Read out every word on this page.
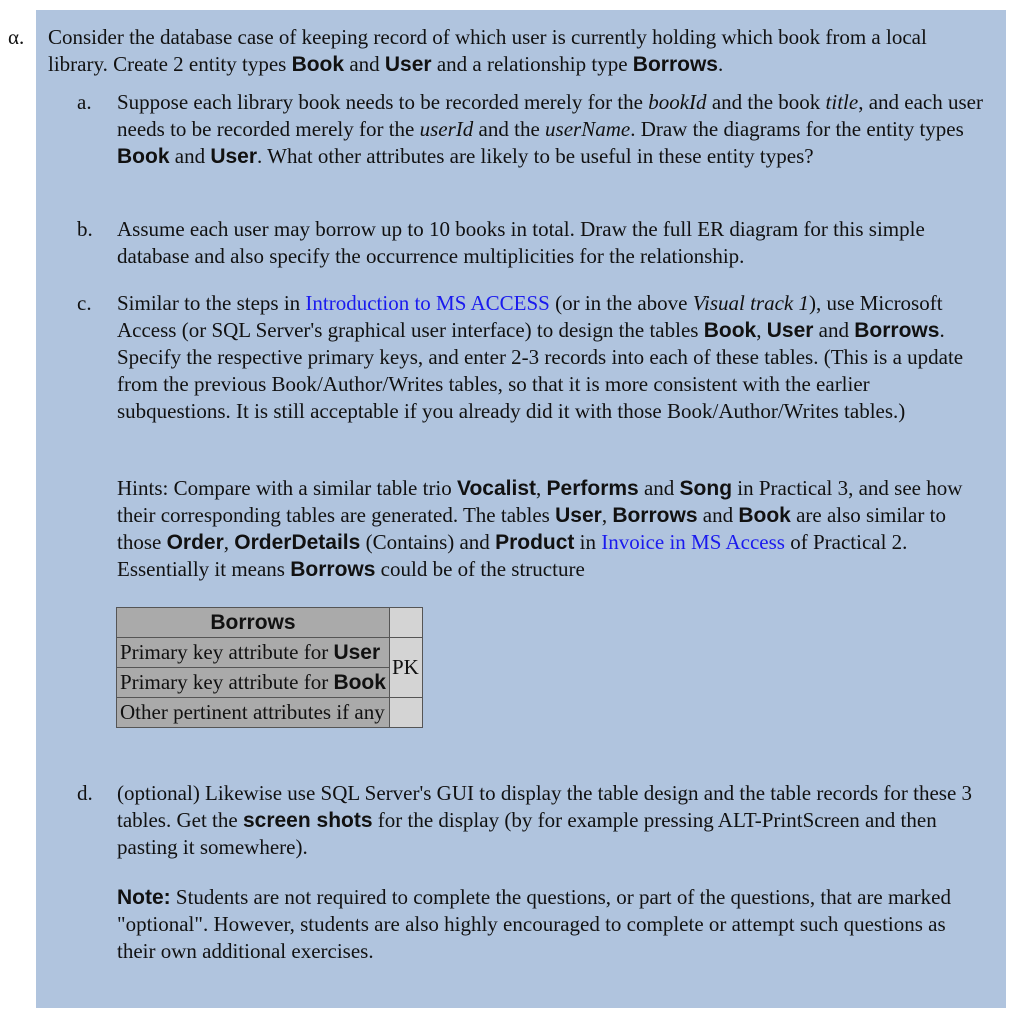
α.	Consider the database case of keeping record of which user is currently holding which book from a local library. Create 2 entity types Book and User and a relationship type Borrows.
a.	Suppose each library book needs to be recorded merely for the bookId and the book title, and each user needs to be recorded merely for the userId and the userName. Draw the diagrams for the entity types Book and User. What other attributes are likely to be useful in these entity types?
b.	Assume each user may borrow up to 10 books in total. Draw the full ER diagram for this simple database and also specify the occurrence multiplicities for the relationship.
c.	Similar to the steps in Introduction to MS ACCESS (or in the above Visual track 1), use Microsoft Access (or SQL Server's graphical user interface) to design the tables Book, User and Borrows. Specify the respective primary keys, and enter 2-3 records into each of these tables. (This is a update from the previous Book/Author/Writes tables, so that it is more consistent with the earlier subquestions. It is still acceptable if you already did it with those Book/Author/Writes tables.)
Hints: Compare with a similar table trio Vocalist, Performs and Song in Practical 3, and see how their corresponding tables are generated. The tables User, Borrows and Book are also similar to those Order, OrderDetails (Contains) and Product in Invoice in MS Access of Practical 2. Essentially it means Borrows could be of the structure
Borrows	
Primary key attribute for User	PK
Primary key attribute for Book	
Other pertinent attributes if any	
d.	(optional) Likewise use SQL Server's GUI to display the table design and the table records for these 3 tables. Get the screen shots for the display (by for example pressing ALT-PrintScreen and then pasting it somewhere).
Note: Students are not required to complete the questions, or part of the questions, that are marked "optional". However, students are also highly encouraged to complete or attempt such questions as their own additional exercises.
